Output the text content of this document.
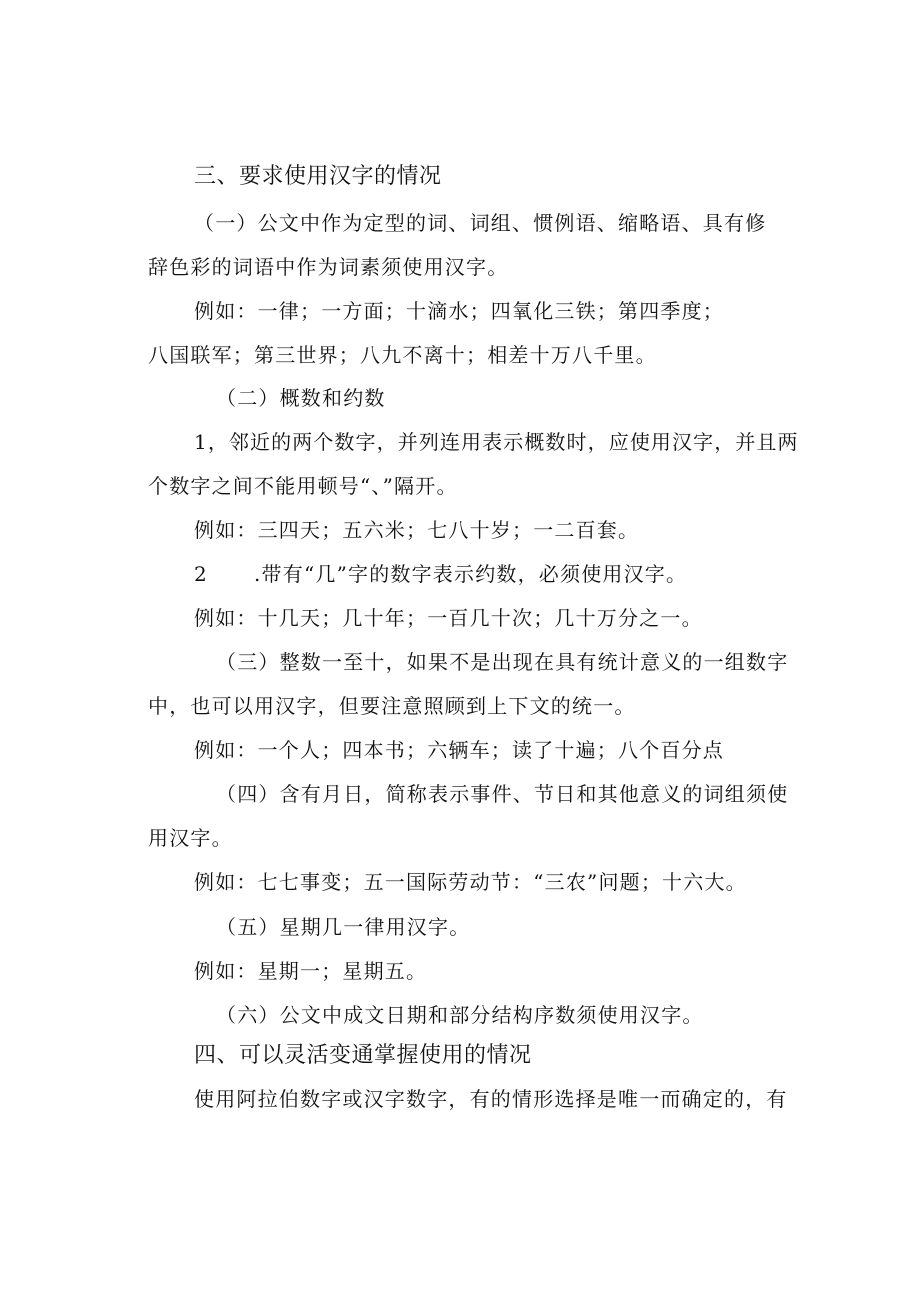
三、要求使用汉字的情况
（一）公文中作为定型的词、词组、惯例语、缩略语、具有修
辞色彩的词语中作为词素须使用汉字。
例如：一律；一方面；十滴水；四氧化三铁；第四季度；
八国联军；第三世界；八九不离十；相差十万八千里。
（二）概数和约数
1，邻近的两个数字，并列连用表示概数时，应使用汉字，并且两
个数字之间不能用顿号“、”隔开。
例如：三四天；五六米；七八十岁；一二百套。
2 .带有“几”字的数字表示约数，必须使用汉字。
例如：十几天；几十年；一百几十次；几十万分之一。
（三）整数一至十，如果不是出现在具有统计意义的一组数字
中，也可以用汉字，但要注意照顾到上下文的统一。
例如：一个人；四本书；六辆车；读了十遍；八个百分点
（四）含有月日，简称表示事件、节日和其他意义的词组须使
用汉字。
例如：七七事变；五一国际劳动节：“三农”问题；十六大。
（五）星期几一律用汉字。
例如：星期一；星期五。
（六）公文中成文日期和部分结构序数须使用汉字。
四、可以灵活变通掌握使用的情况
使用阿拉伯数字或汉字数字，有的情形选择是唯一而确定的，有
